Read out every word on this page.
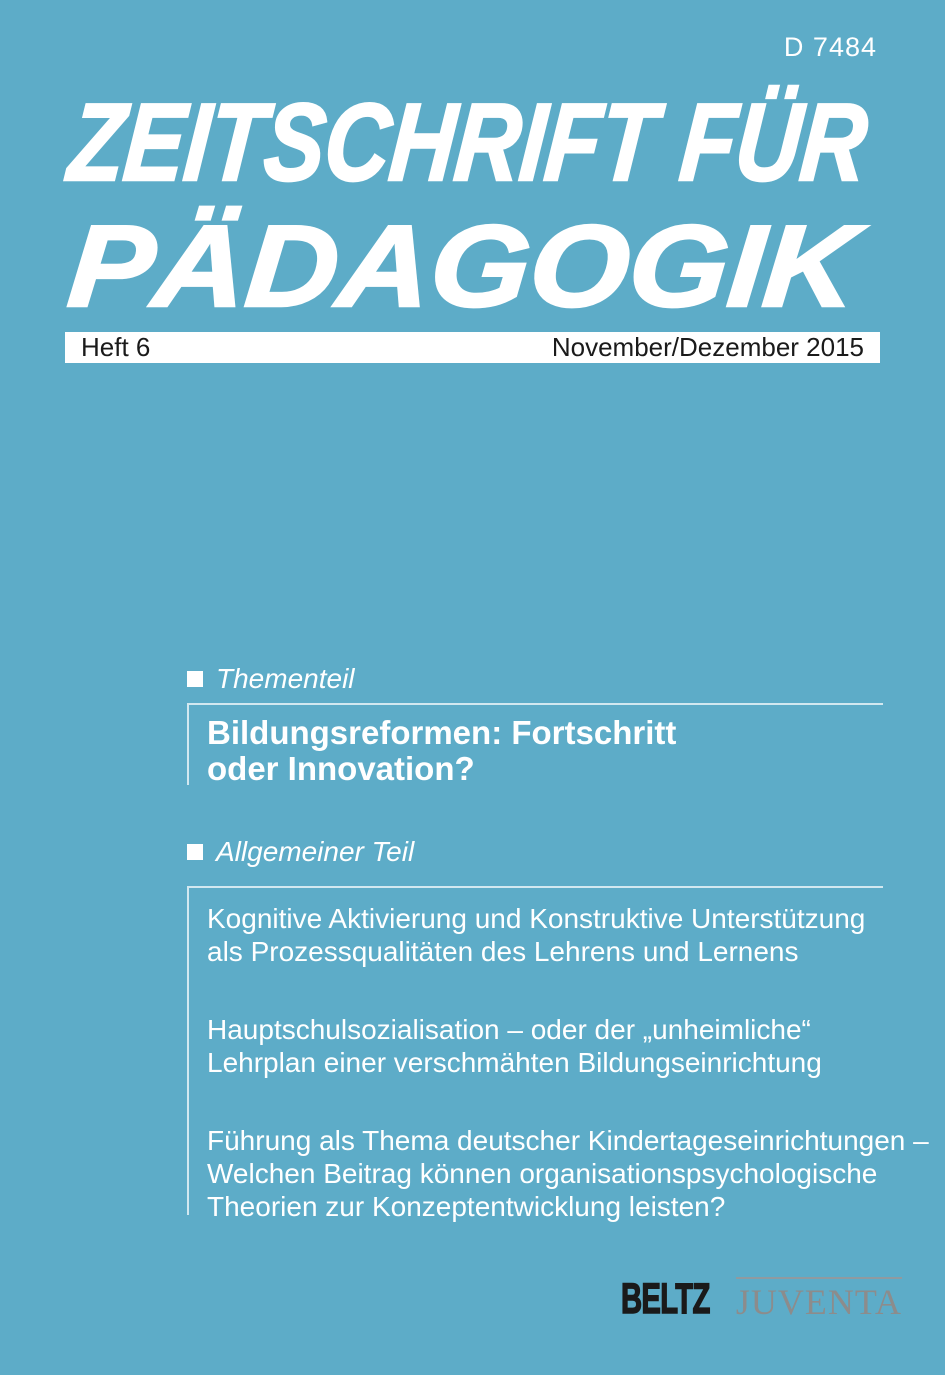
D 7484
ZEITSCHRIFT FÜR
PÄDAGOGIK
Heft 6	November/Dezember 2015
Thementeil
Bildungsreformen: Fortschritt
oder Innovation?
Allgemeiner Teil
Kognitive Aktivierung und Konstruktive Unterstützung
als Prozessqualitäten des Lehrens und Lernens
Hauptschulsozialisation – oder der „unheimliche“
Lehrplan einer verschmähten Bildungseinrichtung
Führung als Thema deutscher Kindertageseinrichtungen –
Welchen Beitrag können organisationspsychologische
Theorien zur Konzeptentwicklung leisten?
BELTZ JUVENTA
